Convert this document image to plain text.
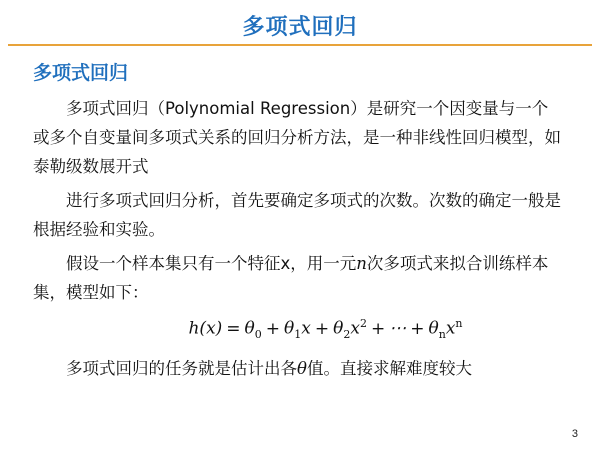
多项式回归
多项式回归

多项式回归（Polynomial Regression）是研究一个因变量与一个或多个自变量间多项式关系的回归分析方法，是一种非线性回归模型，如泰勒级数展开式

进行多项式回归分析，首先要确定多项式的次数。次数的确定一般是根据经验和实验。

假设一个样本集只有一个特征x，用一元n次多项式来拟合训练样本集，模型如下：

$h(x) = \theta_0 + \theta_1x + \theta_2x^2$ + ⋯ + $\theta_nx^n$

多项式回归的任务就是估计出各θ值。直接求解难度较大

3
